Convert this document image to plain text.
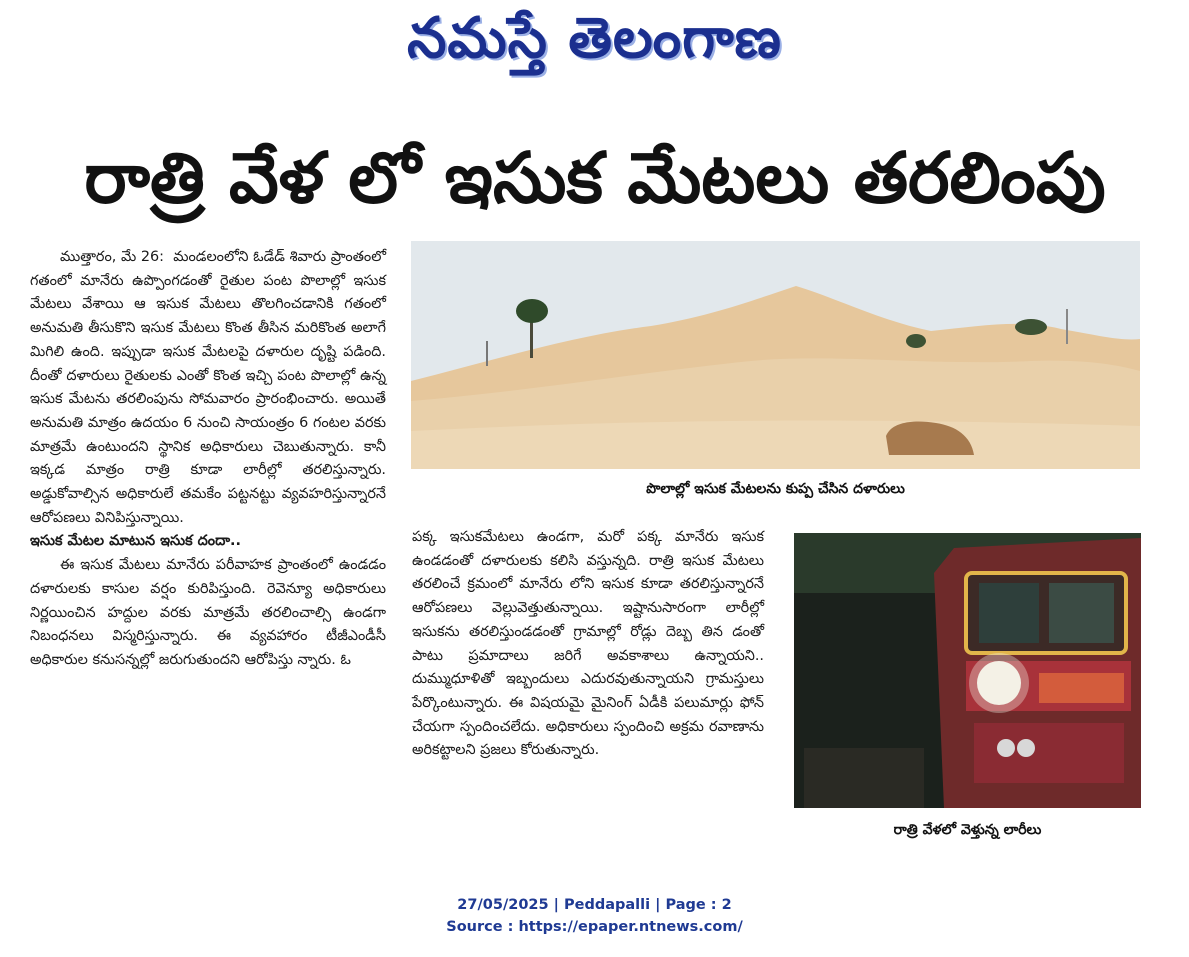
నమస్తే తెలంగాణ
రాత్రి వేళ లో ఇసుక మేటలు తరలింపు

ముత్తారం, మే 26: మండలంలోని ఓడేడ్ శివారు ప్రాంతంలో గతంలో మానేరు ఉప్పొంగడంతో రైతుల పంట పొలాల్లో ఇసుక మేటలు వేశాయి ఆ ఇసుక మేటలు తొలగించడానికి గతంలో అనుమతి తీసుకొని ఇసుక మేటలు కొంత తీసిన మరికొంత అలాగే మిగిలి ఉంది. ఇప్పుడా ఇసుక మేటలపై దళారుల దృష్టి పడింది. దీంతో దళారులు రైతులకు ఎంతో కొంత ఇచ్చి పంట పొలాల్లో ఉన్న ఇసుక మేటను తరలింపును సోమవారం ప్రారంభించారు. అయితే అనుమతి మాత్రం ఉదయం 6 నుంచి సాయంత్రం 6 గంటల వరకు మాత్రమే ఉంటుందని స్థానిక అధికారులు చెబుతున్నారు. కానీ ఇక్కడ మాత్రం రాత్రి కూడా లారీల్లో తరలిస్తున్నారు. అడ్డుకోవాల్సిన అధికారులే తమకేం పట్టనట్టు వ్యవహరిస్తున్నారనే ఆరోపణలు వినిపిస్తున్నాయి.

ఇసుక మేటల మాటున ఇసుక దందా..

ఈ ఇసుక మేటలు మానేరు పరీవాహక ప్రాంతంలో ఉండడం దళారులకు కాసుల వర్షం కురిపిస్తుంది. రెవెన్యూ అధికారులు నిర్ణయించిన హద్దుల వరకు మాత్రమే తరలించాల్సి ఉండగా నిబంధనలు విస్మరిస్తున్నారు. ఈ వ్యవహారం టీజీఎండీసీ అధికారుల కనుసన్నల్లో జరుగుతుందని ఆరోపిస్తు న్నారు. ఓ

పొలాల్లో ఇసుక మేటలను కుప్ప చేసిన దళారులు

పక్క ఇసుకమేటలు ఉండగా, మరో పక్క మానేరు ఇసుక ఉండడంతో దళారులకు కలిసి వస్తున్నది. రాత్రి ఇసుక మేటలు తరలించే క్రమంలో మానేరు లోని ఇసుక కూడా తరలిస్తున్నారనే ఆరోపణలు వెల్లువెత్తుతున్నాయి. ఇష్టానుసారంగా లారీల్లో ఇసుకను తరలిస్తుండడంతో గ్రామాల్లో రోడ్లు దెబ్బ తిన డంతో పాటు ప్రమాదాలు జరిగే అవకాశాలు ఉన్నాయని.. దుమ్ముధూళితో ఇబ్బందులు ఎదురవుతున్నాయని గ్రామస్తులు పేర్కొంటున్నారు. ఈ విషయమై మైనింగ్ ఏడీకి పలుమార్లు ఫోన్ చేయగా స్పందించలేదు. అధికారులు స్పందించి అక్రమ రవాణాను అరికట్టాలని ప్రజలు కోరుతున్నారు.

రాత్రి వేళలో వెళ్తున్న లారీలు
27/05/2025 | Peddapalli | Page : 2
Source : https://epaper.ntnews.com/
